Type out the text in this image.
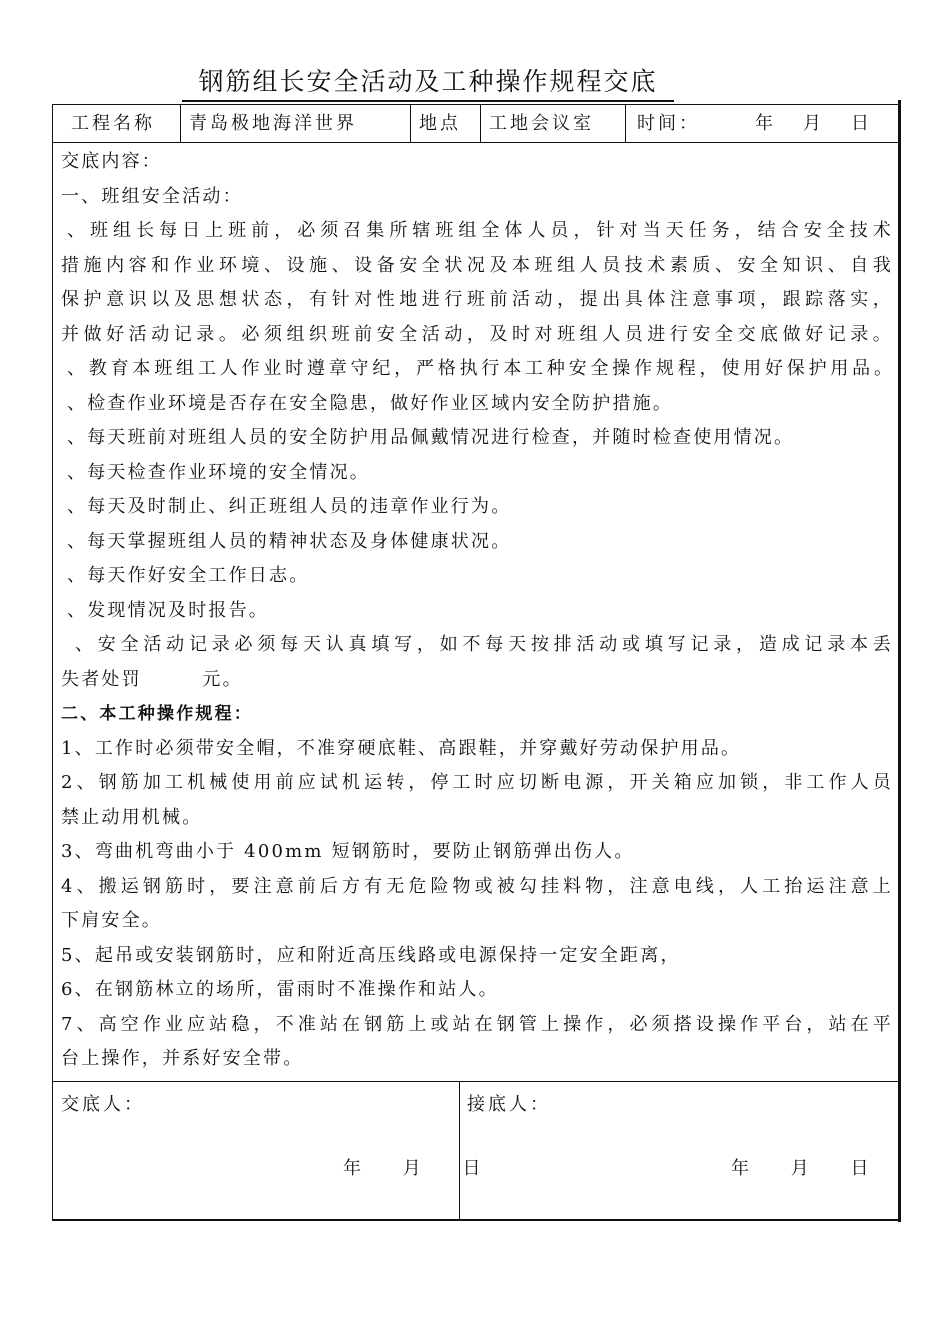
钢筋组长安全活动及工种操作规程交底
工程名称 青岛极地海洋世界	地点 工地会议室 时间：	年　月　日
交底内容：
一、班组安全活动：
、班组长每日上班前，必须召集所辖班组全体人员，针对当天任务，结合安全技术
措施内容和作业环境、设施、设备安全状况及本班组人员技术素质、安全知识、自我
保护意识以及思想状态，有针对性地进行班前活动，提出具体注意事项，跟踪落实，
并做好活动记录。必须组织班前安全活动，及时对班组人员进行安全交底做好记录。
、教育本班组工人作业时遵章守纪，严格执行本工种安全操作规程，使用好保护用品。
、检查作业环境是否存在安全隐患，做好作业区域内安全防护措施。
、每天班前对班组人员的安全防护用品佩戴情况进行检查，并随时检查使用情况。
、每天检查作业环境的安全情况。
、每天及时制止、纠正班组人员的违章作业行为。
、每天掌握班组人员的精神状态及身体健康状况。
、每天作好安全工作日志。
、发现情况及时报告。
、安全活动记录必须每天认真填写，如不每天按排活动或填写记录，造成记录本丢
失者处罚　　　元。
二、本工种操作规程：
1、工作时必须带安全帽，不准穿硬底鞋、高跟鞋，并穿戴好劳动保护用品。
2、钢筋加工机械使用前应试机运转，停工时应切断电源，开关箱应加锁，非工作人员
禁止动用机械。
3、弯曲机弯曲小于 400mm 短钢筋时，要防止钢筋弹出伤人。
4、搬运钢筋时，要注意前后方有无危险物或被勾挂料物，注意电线，人工抬运注意上
下肩安全。
5、起吊或安装钢筋时，应和附近高压线路或电源保持一定安全距离，
6、在钢筋林立的场所，雷雨时不准操作和站人。
7、高空作业应站稳，不准站在钢筋上或站在钢管上操作，必须搭设操作平台，站在平
台上操作，并系好安全带。
交底人：
年 月 日
接底人：
年 月 日
